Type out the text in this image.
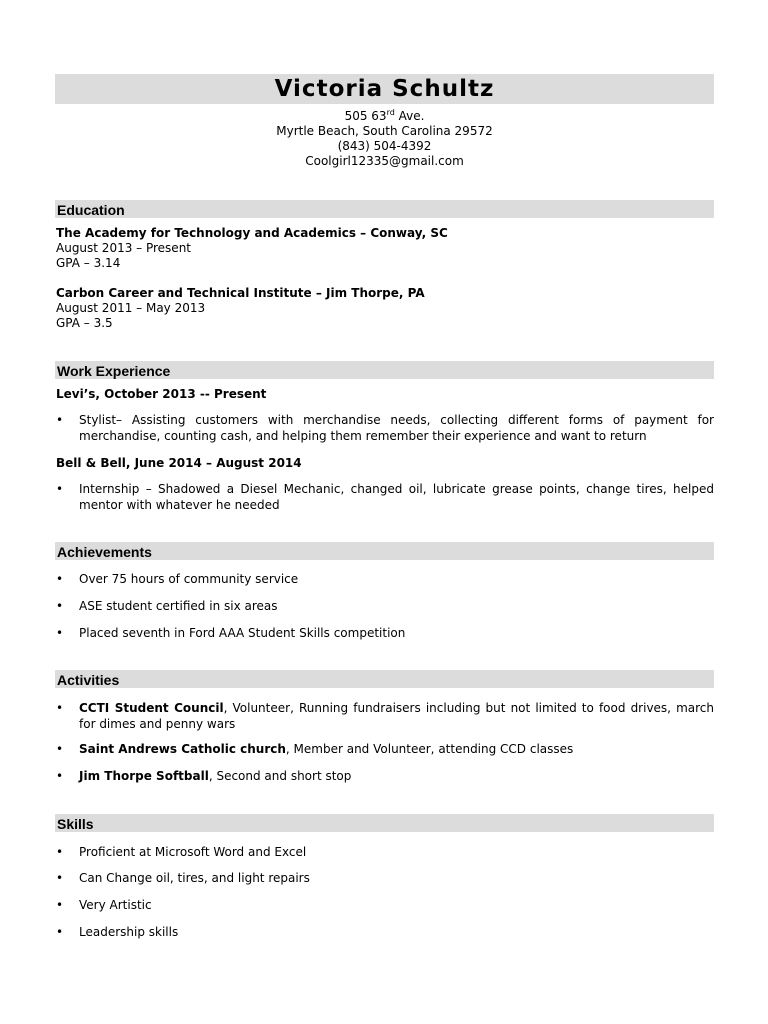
Victoria Schultz
505 63rd Ave.
Myrtle Beach, South Carolina 29572
(843) 504-4392
Coolgirl12335@gmail.com
Education
The Academy for Technology and Academics – Conway, SC
August 2013 – Present
GPA – 3.14
Carbon Career and Technical Institute – Jim Thorpe, PA
August 2011 – May 2013
GPA – 3.5
Work Experience
Levi’s, October 2013 -- Present
• Stylist– Assisting customers with merchandise needs, collecting different forms of payment for merchandise, counting cash, and helping them remember their experience and want to return
Bell & Bell, June 2014 – August 2014
• Internship – Shadowed a Diesel Mechanic, changed oil, lubricate grease points, change tires, helped mentor with whatever he needed
Achievements
• Over 75 hours of community service
• ASE student certified in six areas
• Placed seventh in Ford AAA Student Skills competition
Activities
• CCTI Student Council, Volunteer, Running fundraisers including but not limited to food drives, march for dimes and penny wars
• Saint Andrews Catholic church, Member and Volunteer, attending CCD classes
• Jim Thorpe Softball, Second and short stop
Skills
• Proficient at Microsoft Word and Excel
• Can Change oil, tires, and light repairs
• Very Artistic
• Leadership skills
